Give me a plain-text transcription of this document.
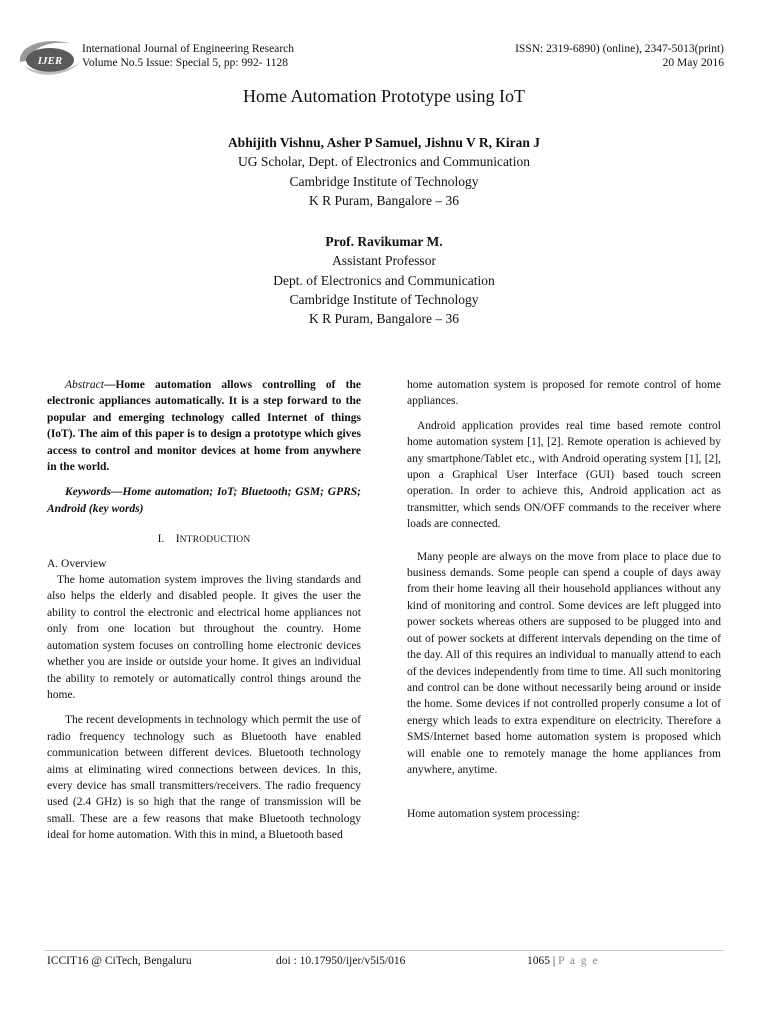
IJER
International Journal of Engineering Research
Volume No.5 Issue: Special 5, pp: 992- 1128
ISSN: 2319-6890) (online), 2347-5013(print)
20 May 2016
Home Automation Prototype using IoT
Abhijith Vishnu, Asher P Samuel, Jishnu V R, Kiran J
UG Scholar, Dept. of Electronics and Communication
Cambridge Institute of Technology
K R Puram, Bangalore – 36
Prof. Ravikumar M.
Assistant Professor
Dept. of Electronics and Communication
Cambridge Institute of Technology
K R Puram, Bangalore – 36
Abstract—Home automation allows controlling of the electronic appliances automatically. It is a step forward to the popular and emerging technology called Internet of things (IoT). The aim of this paper is to design a prototype which gives access to control and monitor devices at home from anywhere in the world.
Keywords—Home automation; IoT; Bluetooth; GSM; GPRS; Android (key words)
I. INTRODUCTION
A. Overview
The home automation system improves the living standards and also helps the elderly and disabled people. It gives the user the ability to control the electronic and electrical home appliances not only from one location but throughout the country. Home automation system focuses on controlling home electronic devices whether you are inside or outside your home. It gives an individual the ability to remotely or automatically control things around the home.
The recent developments in technology which permit the use of radio frequency technology such as Bluetooth have enabled communication between different devices. Bluetooth technology aims at eliminating wired connections between devices. In this, every device has small transmitters/receivers. The radio frequency used (2.4 GHz) is so high that the range of transmission will be small. These are a few reasons that make Bluetooth technology ideal for home automation. With this in mind, a Bluetooth based
home automation system is proposed for remote control of home appliances.
Android application provides real time based remote control home automation system [1], [2]. Remote operation is achieved by any smartphone/Tablet etc., with Android operating system [1], [2], upon a Graphical User Interface (GUI) based touch screen operation. In order to achieve this, Android application act as transmitter, which sends ON/OFF commands to the receiver where loads are connected.
Many people are always on the move from place to place due to business demands. Some people can spend a couple of days away from their home leaving all their household appliances without any kind of monitoring and control. Some devices are left plugged into power sockets whereas others are supposed to be plugged into and out of power sockets at different intervals depending on the time of the day. All of this requires an individual to manually attend to each of the devices independently from time to time. All such monitoring and control can be done without necessarily being around or inside the home. Some devices if not controlled properly consume a lot of energy which leads to extra expenditure on electricity. Therefore a SMS/Internet based home automation system is proposed which will enable one to remotely manage the home appliances from anywhere, anytime.
Home automation system processing:
ICCIT16 @ CiTech, Bengaluru	doi : 10.17950/ijer/v5i5/016	1065 | P a g e
